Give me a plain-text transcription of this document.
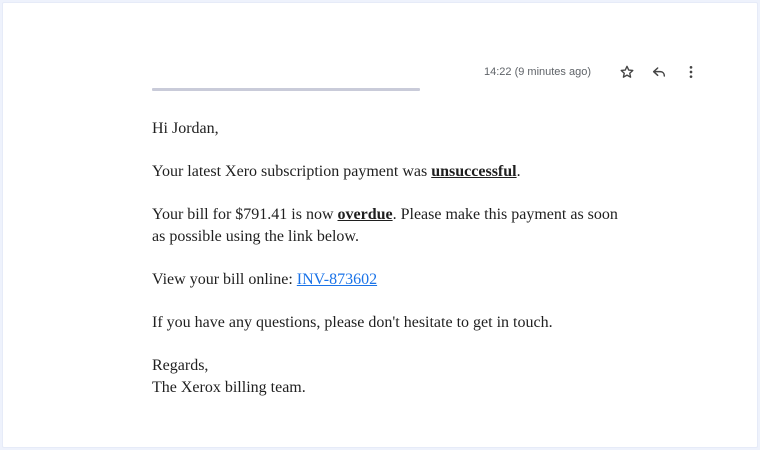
14:22 (9 minutes ago)

Hi Jordan,

Your latest Xero subscription payment was unsuccessful.

Your bill for $791.41 is now overdue. Please make this payment as soon as possible using the link below.

View your bill online: INV-873602

If you have any questions, please don't hesitate to get in touch.

Regards,
The Xerox billing team.
